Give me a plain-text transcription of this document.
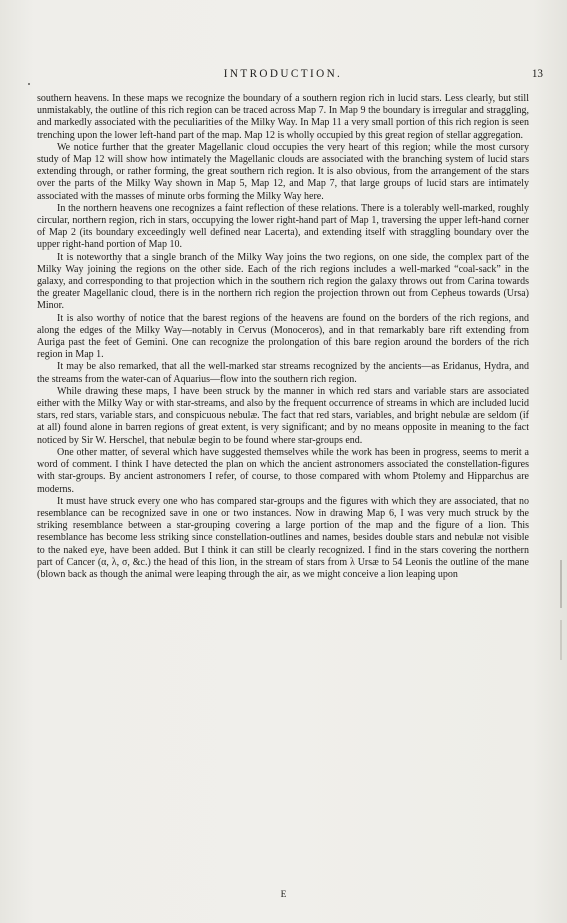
INTRODUCTION.	13

southern heavens. In these maps we recognize the boundary of a southern region rich in lucid stars. Less clearly, but still unmistakably, the outline of this rich region can be traced across Map 7. In Map 9 the boundary is irregular and straggling, and markedly associated with the peculiarities of the Milky Way. In Map 11 a very small portion of this rich region is seen trenching upon the lower left-hand part of the map. Map 12 is wholly occupied by this great region of stellar aggregation.

We notice further that the greater Magellanic cloud occupies the very heart of this region; while the most cursory study of Map 12 will show how intimately the Magellanic clouds are associated with the branching system of lucid stars extending through, or rather forming, the great southern rich region. It is also obvious, from the arrangement of the stars over the parts of the Milky Way shown in Map 5, Map 12, and Map 7, that large groups of lucid stars are intimately associated with the masses of minute orbs forming the Milky Way here.

In the northern heavens one recognizes a faint reflection of these relations. There is a tolerably well-marked, roughly circular, northern region, rich in stars, occupying the lower right-hand part of Map 1, traversing the upper left-hand corner of Map 2 (its boundary exceedingly well defined near Lacerta), and extending itself with straggling boundary over the upper right-hand portion of Map 10.

It is noteworthy that a single branch of the Milky Way joins the two regions, on one side, the complex part of the Milky Way joining the regions on the other side. Each of the rich regions includes a well-marked “coal-sack” in the galaxy, and corresponding to that projection which in the southern rich region the galaxy throws out from Carina towards the greater Magellanic cloud, there is in the northern rich region the projection thrown out from Cepheus towards (Ursa) Minor.

It is also worthy of notice that the barest regions of the heavens are found on the borders of the rich regions, and along the edges of the Milky Way—notably in Cervus (Monoceros), and in that remarkably bare rift extending from Auriga past the feet of Gemini. One can recognize the prolongation of this bare region around the borders of the rich region in Map 1.

It may be also remarked, that all the well-marked star streams recognized by the ancients—as Eridanus, Hydra, and the streams from the water-can of Aquarius—flow into the southern rich region.

While drawing these maps, I have been struck by the manner in which red stars and variable stars are associated either with the Milky Way or with star-streams, and also by the frequent occurrence of streams in which are included lucid stars, red stars, variable stars, and conspicuous nebulæ. The fact that red stars, variables, and bright nebulæ are seldom (if at all) found alone in barren regions of great extent, is very significant; and by no means opposite in meaning to the fact noticed by Sir W. Herschel, that nebulæ begin to be found where star-groups end.

One other matter, of several which have suggested themselves while the work has been in progress, seems to merit a word of comment. I think I have detected the plan on which the ancient astronomers associated the constellation-figures with star-groups. By ancient astronomers I refer, of course, to those compared with whom Ptolemy and Hipparchus are moderns.

It must have struck every one who has compared star-groups and the figures with which they are associated, that no resemblance can be recognized save in one or two instances. Now in drawing Map 6, I was very much struck by the striking resemblance between a star-grouping covering a large portion of the map and the figure of a lion. This resemblance has become less striking since constellation-outlines and names, besides double stars and nebulæ not visible to the naked eye, have been added. But I think it can still be clearly recognized. I find in the stars covering the northern part of Cancer (α, λ, σ, &c.) the head of this lion, in the stream of stars from λ Ursæ to 54 Leonis the outline of the mane (blown back as though the animal were leaping through the air, as we might conceive a lion leaping upon

E
